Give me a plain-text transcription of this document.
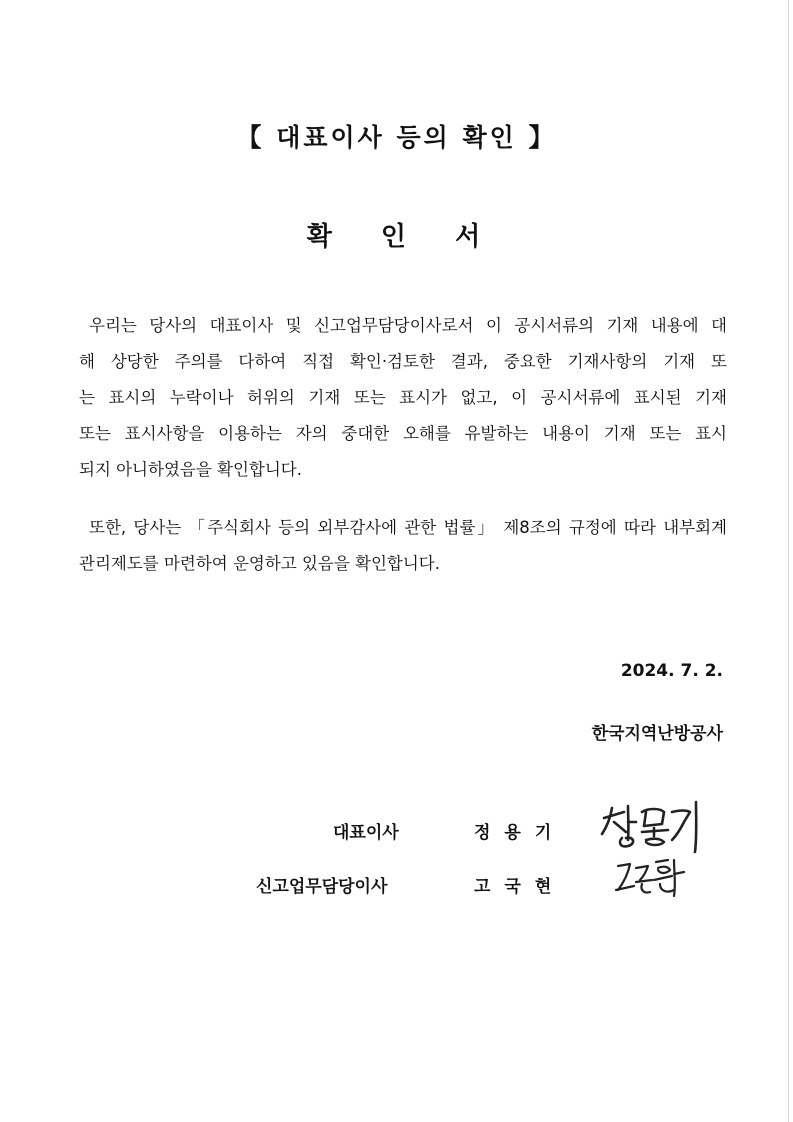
【 대표이사 등의 확인 】
확 인 서
우리는 당사의 대표이사 및 신고업무담당이사로서 이 공시서류의 기재 내용에 대
해 상당한 주의를 다하여 직접 확인·검토한 결과, 중요한 기재사항의 기재 또
는 표시의 누락이나 허위의 기재 또는 표시가 없고, 이 공시서류에 표시된 기재
또는 표시사항을 이용하는 자의 중대한 오해를 유발하는 내용이 기재 또는 표시
되지 아니하였음을 확인합니다.
또한, 당사는 「주식회사 등의 외부감사에 관한 법률」 제8조의 규정에 따라 내부회계
관리제도를 마련하여 운영하고 있음을 확인합니다.
2024. 7. 2.
한국지역난방공사
대표이사	정용기
신고업무담당이사	고국현
